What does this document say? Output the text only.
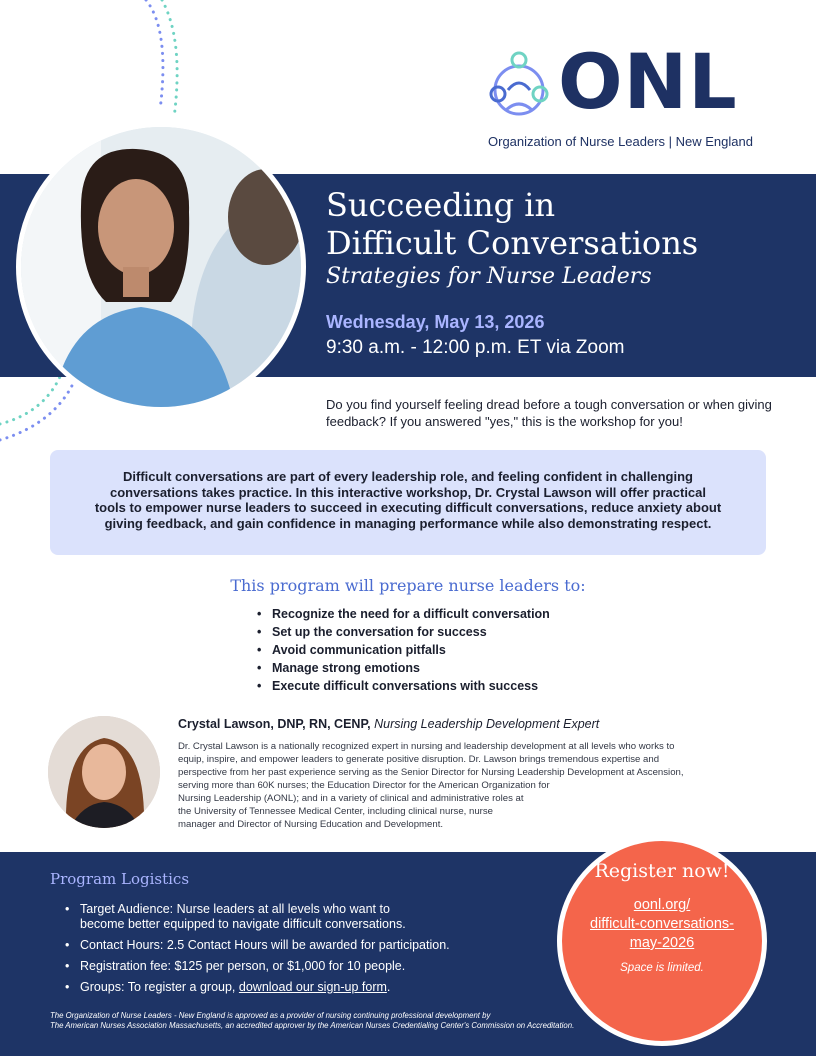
ONL
Organization of Nurse Leaders | New England
Succeeding in
Difficult Conversations
Strategies for Nurse Leaders
Wednesday, May 13, 2026
9:30 a.m. - 12:00 p.m. ET via Zoom

Do you find yourself feeling dread before a tough conversation or when giving feedback? If you answered "yes," this is the workshop for you!

Difficult conversations are part of every leadership role, and feeling confident in challenging
conversations takes practice. In this interactive workshop, Dr. Crystal Lawson will offer practical
tools to empower nurse leaders to succeed in executing difficult conversations, reduce anxiety about
giving feedback, and gain confidence in managing performance while also demonstrating respect.
This program will prepare nurse leaders to:
• Recognize the need for a difficult conversation
• Set up the conversation for success
• Avoid communication pitfalls
• Manage strong emotions
• Execute difficult conversations with success
Crystal Lawson, DNP, RN, CENP, Nursing Leadership Development Expert
Dr. Crystal Lawson is a nationally recognized expert in nursing and leadership development at all levels who works to
equip, inspire, and empower leaders to generate positive disruption. Dr. Lawson brings tremendous expertise and
perspective from her past experience serving as the Senior Director for Nursing Leadership Development at Ascension,
serving more than 60K nurses; the Education Director for the American Organization for
Nursing Leadership (AONL); and in a variety of clinical and administrative roles at
the University of Tennessee Medical Center, including clinical nurse, nurse
manager and Director of Nursing Education and Development.
Program Logistics
• Target Audience: Nurse leaders at all levels who want to
become better equipped to navigate difficult conversations.
• Contact Hours: 2.5 Contact Hours will be awarded for participation.
• Registration fee: $125 per person, or $1,000 for 10 people.
• Groups: To register a group, download our sign-up form.
Register now!
oonl.org/
difficult-conversations-
may-2026
Space is limited.
The Organization of Nurse Leaders - New England is approved as a provider of nursing continuing professional development by
The American Nurses Association Massachusetts, an accredited approver by the American Nurses Credentialing Center's Commission on Accreditation.
